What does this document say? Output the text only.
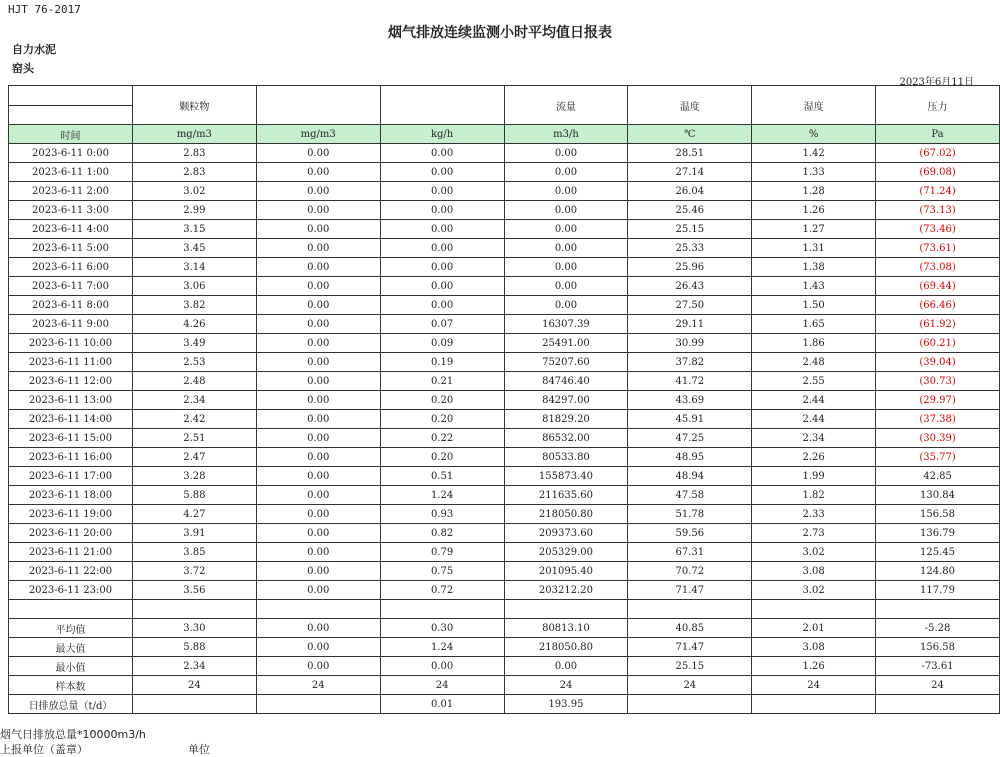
HJT 76-2017
烟气排放连续监测小时平均值日报表
自力水泥
窑头
2023年6月11日
	颗粒物			流量	温度	湿度	压力
时间	mg/m3	mg/m3	kg/h	m3/h	℃	%	Pa
2023-6-11 0:00	2.83	0.00	0.00	0.00	28.51	1.42	(67.02)
2023-6-11 1:00	2.83	0.00	0.00	0.00	27.14	1.33	(69.08)
2023-6-11 2:00	3.02	0.00	0.00	0.00	26.04	1.28	(71.24)
2023-6-11 3:00	2.99	0.00	0.00	0.00	25.46	1.26	(73.13)
2023-6-11 4:00	3.15	0.00	0.00	0.00	25.15	1.27	(73.46)
2023-6-11 5:00	3.45	0.00	0.00	0.00	25.33	1.31	(73.61)
2023-6-11 6:00	3.14	0.00	0.00	0.00	25.96	1.38	(73.08)
2023-6-11 7:00	3.06	0.00	0.00	0.00	26.43	1.43	(69.44)
2023-6-11 8:00	3.82	0.00	0.00	0.00	27.50	1.50	(66.46)
2023-6-11 9:00	4.26	0.00	0.07	16307.39	29.11	1.65	(61.92)
2023-6-11 10:00	3.49	0.00	0.09	25491.00	30.99	1.86	(60.21)
2023-6-11 11:00	2.53	0.00	0.19	75207.60	37.82	2.48	(39.04)
2023-6-11 12:00	2.48	0.00	0.21	84746.40	41.72	2.55	(30.73)
2023-6-11 13:00	2.34	0.00	0.20	84297.00	43.69	2.44	(29.97)
2023-6-11 14:00	2.42	0.00	0.20	81829.20	45.91	2.44	(37.38)
2023-6-11 15:00	2.51	0.00	0.22	86532.00	47.25	2.34	(30.39)
2023-6-11 16:00	2.47	0.00	0.20	80533.80	48.95	2.26	(35.77)
2023-6-11 17:00	3.28	0.00	0.51	155873.40	48.94	1.99	42.85
2023-6-11 18:00	5.88	0.00	1.24	211635.60	47.58	1.82	130.84
2023-6-11 19:00	4.27	0.00	0.93	218050.80	51.78	2.33	156.58
2023-6-11 20:00	3.91	0.00	0.82	209373.60	59.56	2.73	136.79
2023-6-11 21:00	3.85	0.00	0.79	205329.00	67.31	3.02	125.45
2023-6-11 22:00	3.72	0.00	0.75	201095.40	70.72	3.08	124.80
2023-6-11 23:00	3.56	0.00	0.72	203212.20	71.47	3.02	117.79

平均值	3.30	0.00	0.30	80813.10	40.85	2.01	-5.28
最大值	5.88	0.00	1.24	218050.80	71.47	3.08	156.58
最小值	2.34	0.00	0.00	0.00	25.15	1.26	-73.61
样本数	24	24	24	24	24	24	24
日排放总量（t/d）			0.01	193.95			
烟气日排放总量*10000m3/h
上报单位（盖章）	单位
